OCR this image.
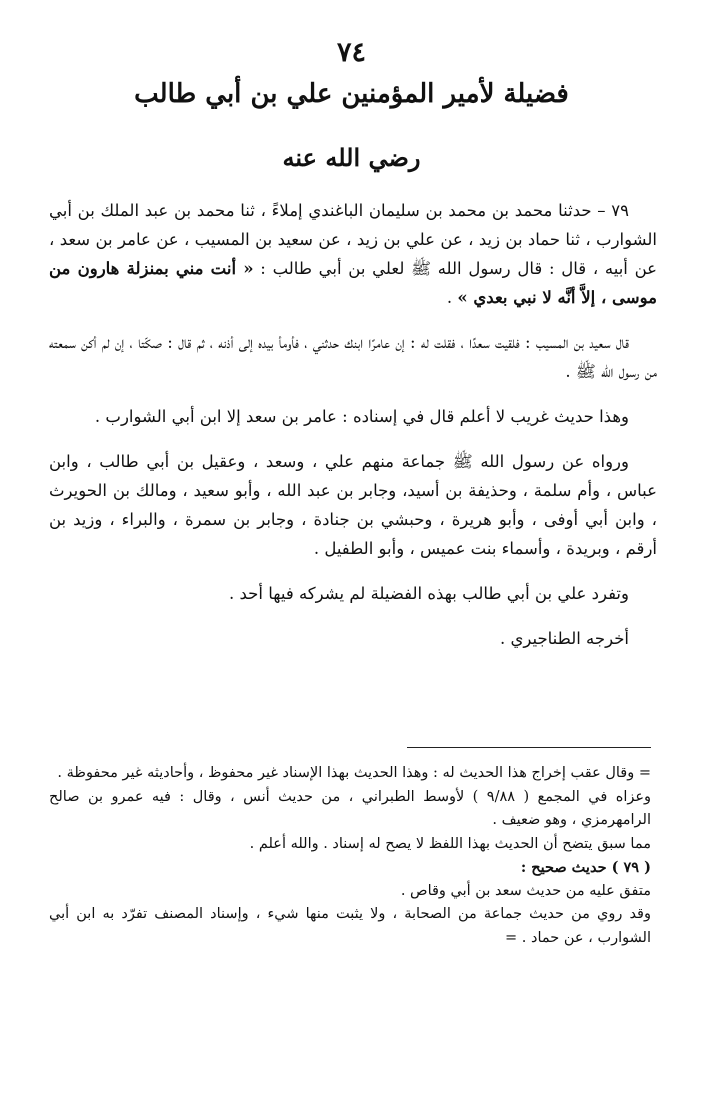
٧٤
فضيلة لأمير المؤمنين علي بن أبي طالب
رضي الله عنه

٧٩ – حدثنا محمد بن محمد بن سليمان الباغندي إملاءً ، ثنا محمد بن عبد الملك بن أبي الشوارب ، ثنا حماد بن زيد ، عن علي بن زيد ، عن سعيد بن المسيب ، عن عامر بن سعد ، عن أبيه ، قال : قال رسول الله ﷺ لعلي بن أبي طالب : « أنت مني بمنزلة هارون من موسى ، إلاَّ أنَّه لا نبي بعدي » .

قال سعيد بن المسيب : فلقيت سعدًا ، فقلت له : إن عامرًا ابنك حدثني ، فأومأ بيده إلى أذنه ، ثم قال : صكّتا ، إن لم أكن سمعته من رسول الله ﷺ .

وهذا حديث غريب لا أعلم قال في إسناده : عامر بن سعد إلا ابن أبي الشوارب .

ورواه عن رسول الله ﷺ جماعة منهم علي ، وسعد ، وعقيل بن أبي طالب ، وابن عباس ، وأم سلمة ، وحذيفة بن أسيد، وجابر بن عبد الله ، وأبو سعيد ، ومالك بن الحويرث ، وابن أبي أوفى ، وأبو هريرة ، وحبشي بن جنادة ، وجابر بن سمرة ، والبراء ، وزيد بن أرقم ، وبريدة ، وأسماء بنت عميس ، وأبو الطفيل .

وتفرد علي بن أبي طالب بهذه الفضيلة لم يشركه فيها أحد .

أخرجه الطناجيري .

= وقال عقب إخراج هذا الحديث له : وهذا الحديث بهذا الإسناد غير محفوظ ، وأحاديثه غير محفوظة .

وعزاه في المجمع ( ٩/٨٨ ) لأوسط الطبراني ، من حديث أنس ، وقال : فيه عمرو بن صالح الرامهرمزي ، وهو ضعيف .

مما سبق يتضح أن الحديث بهذا اللفظ لا يصح له إسناد . والله أعلم .

( ٧٩ ) حديث صحيح :

متفق عليه من حديث سعد بن أبي وقاص .

وقد روي من حديث جماعة من الصحابة ، ولا يثبت منها شيء ، وإسناد المصنف تفرّد به ابن أبي الشوارب ، عن حماد . =
